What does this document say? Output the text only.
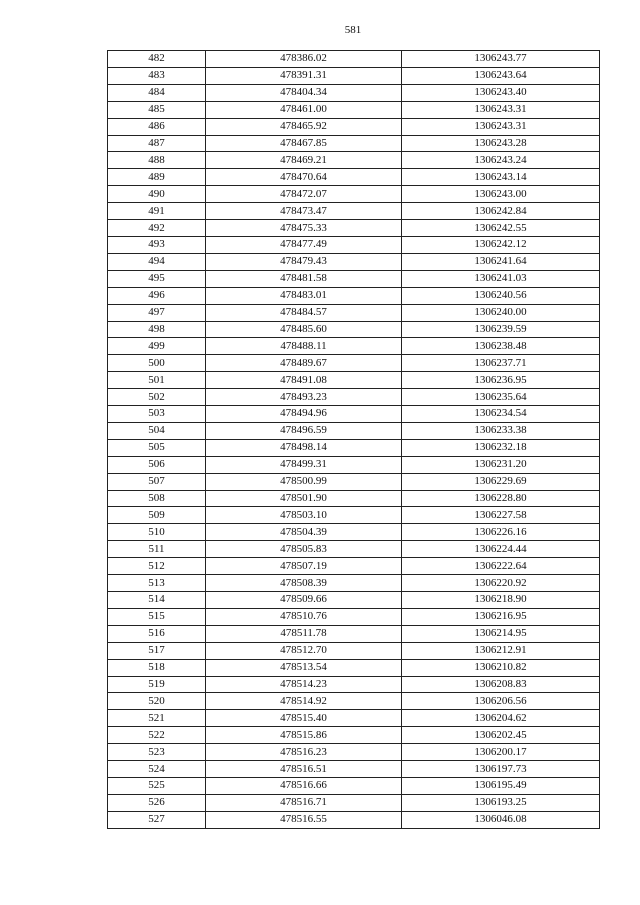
581
482	478386.02	1306243.77
483	478391.31	1306243.64
484	478404.34	1306243.40
485	478461.00	1306243.31
486	478465.92	1306243.31
487	478467.85	1306243.28
488	478469.21	1306243.24
489	478470.64	1306243.14
490	478472.07	1306243.00
491	478473.47	1306242.84
492	478475.33	1306242.55
493	478477.49	1306242.12
494	478479.43	1306241.64
495	478481.58	1306241.03
496	478483.01	1306240.56
497	478484.57	1306240.00
498	478485.60	1306239.59
499	478488.11	1306238.48
500	478489.67	1306237.71
501	478491.08	1306236.95
502	478493.23	1306235.64
503	478494.96	1306234.54
504	478496.59	1306233.38
505	478498.14	1306232.18
506	478499.31	1306231.20
507	478500.99	1306229.69
508	478501.90	1306228.80
509	478503.10	1306227.58
510	478504.39	1306226.16
511	478505.83	1306224.44
512	478507.19	1306222.64
513	478508.39	1306220.92
514	478509.66	1306218.90
515	478510.76	1306216.95
516	478511.78	1306214.95
517	478512.70	1306212.91
518	478513.54	1306210.82
519	478514.23	1306208.83
520	478514.92	1306206.56
521	478515.40	1306204.62
522	478515.86	1306202.45
523	478516.23	1306200.17
524	478516.51	1306197.73
525	478516.66	1306195.49
526	478516.71	1306193.25
527	478516.55	1306046.08
